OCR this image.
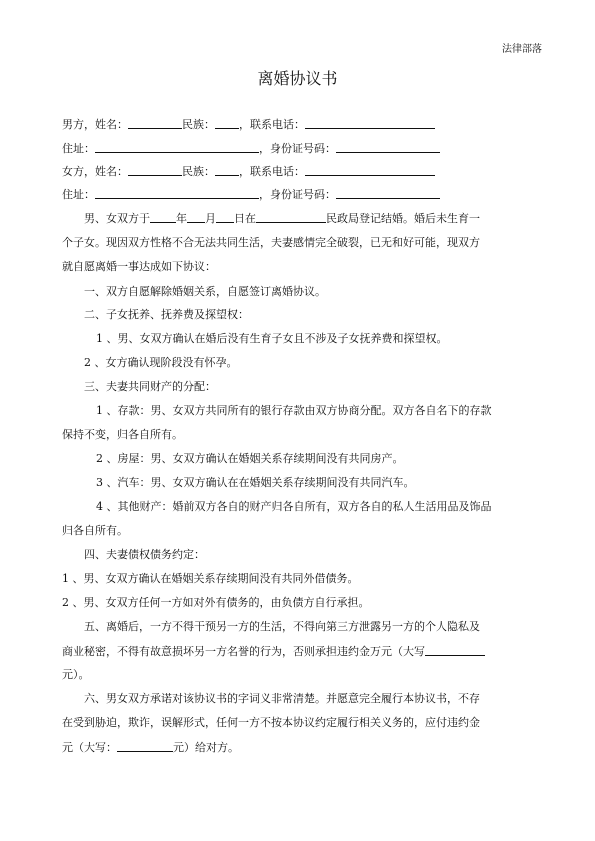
法律部落
离婚协议书
男方，姓名：	民族： ，联系电话：
住址：	，身份证号码：
女方，姓名：	民族： ，联系电话：
住址：	，身份证号码：
男、女双方于 年 月 日在	民政局登记结婚。婚后未生育一
个子女。现因双方性格不合无法共同生活，夫妻感情完全破裂，已无和好可能，现双方
就自愿离婚一事达成如下协议：
一、双方自愿解除婚姻关系，自愿签订离婚协议。
二、子女抚养、抚养费及探望权：
1 、男、女双方确认在婚后没有生育子女且不涉及子女抚养费和探望权。
2 、女方确认现阶段没有怀孕。
三、夫妻共同财产的分配：
1 、存款：男、女双方共同所有的银行存款由双方协商分配。双方各自名下的存款
保持不变，归各自所有。
2 、房屋：男、女双方确认在婚姻关系存续期间没有共同房产。
3 、汽车：男、女双方确认在在婚姻关系存续期间没有共同汽车。
4 、其他财产：婚前双方各自的财产归各自所有，双方各自的私人生活用品及饰品
归各自所有。
四、夫妻债权债务约定：
1 、男、女双方确认在婚姻关系存续期间没有共同外借债务。
2 、男、女双方任何一方如对外有债务的，由负债方自行承担。
五、离婚后，一方不得干预另一方的生活，不得向第三方泄露另一方的个人隐私及
商业秘密，不得有故意损坏另一方名誉的行为，否则承担违约金万元（大写
元）。
六、男女双方承诺对该协议书的字词义非常清楚。并愿意完全履行本协议书，不存
在受到胁迫，欺诈，误解形式，任何一方不按本协议约定履行相关义务的，应付违约金
元（大写：	元）给对方。
